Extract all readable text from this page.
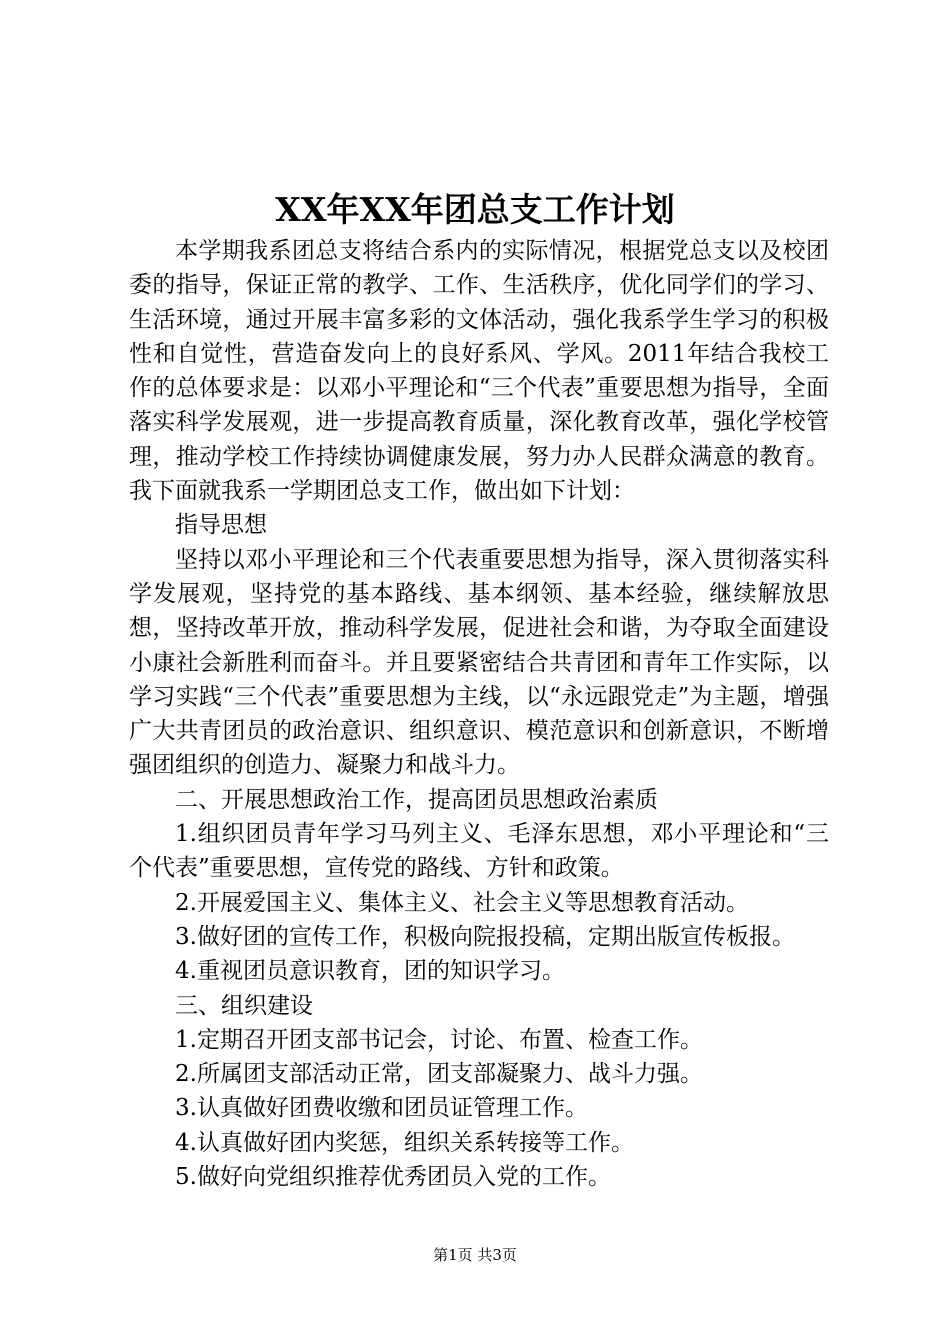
XX年XX年团总支工作计划

本学期我系团总支将结合系内的实际情况，根据党总支以及校团委的指导，保证正常的教学、工作、生活秩序，优化同学们的学习、生活环境，通过开展丰富多彩的文体活动，强化我系学生学习的积极性和自觉性，营造奋发向上的良好系风、学风。2011年结合我校工作的总体要求是：以邓小平理论和“三个代表”重要思想为指导，全面落实科学发展观，进一步提高教育质量，深化教育改革，强化学校管理，推动学校工作持续协调健康发展，努力办人民群众满意的教育。我下面就我系一学期团总支工作，做出如下计划：

指导思想

坚持以邓小平理论和三个代表重要思想为指导，深入贯彻落实科学发展观，坚持党的基本路线、基本纲领、基本经验，继续解放思想，坚持改革开放，推动科学发展，促进社会和谐，为夺取全面建设小康社会新胜利而奋斗。并且要紧密结合共青团和青年工作实际，以学习实践“三个代表”重要思想为主线，以“永远跟党走”为主题，增强广大共青团员的政治意识、组织意识、模范意识和创新意识，不断增强团组织的创造力、凝聚力和战斗力。

二、开展思想政治工作，提高团员思想政治素质

1.组织团员青年学习马列主义、毛泽东思想，邓小平理论和“三个代表”重要思想，宣传党的路线、方针和政策。

2.开展爱国主义、集体主义、社会主义等思想教育活动。

3.做好团的宣传工作，积极向院报投稿，定期出版宣传板报。

4.重视团员意识教育，团的知识学习。

三、组织建设

1.定期召开团支部书记会，讨论、布置、检查工作。

2.所属团支部活动正常，团支部凝聚力、战斗力强。

3.认真做好团费收缴和团员证管理工作。

4.认真做好团内奖惩，组织关系转接等工作。

5.做好向党组织推荐优秀团员入党的工作。

第1页 共3页
